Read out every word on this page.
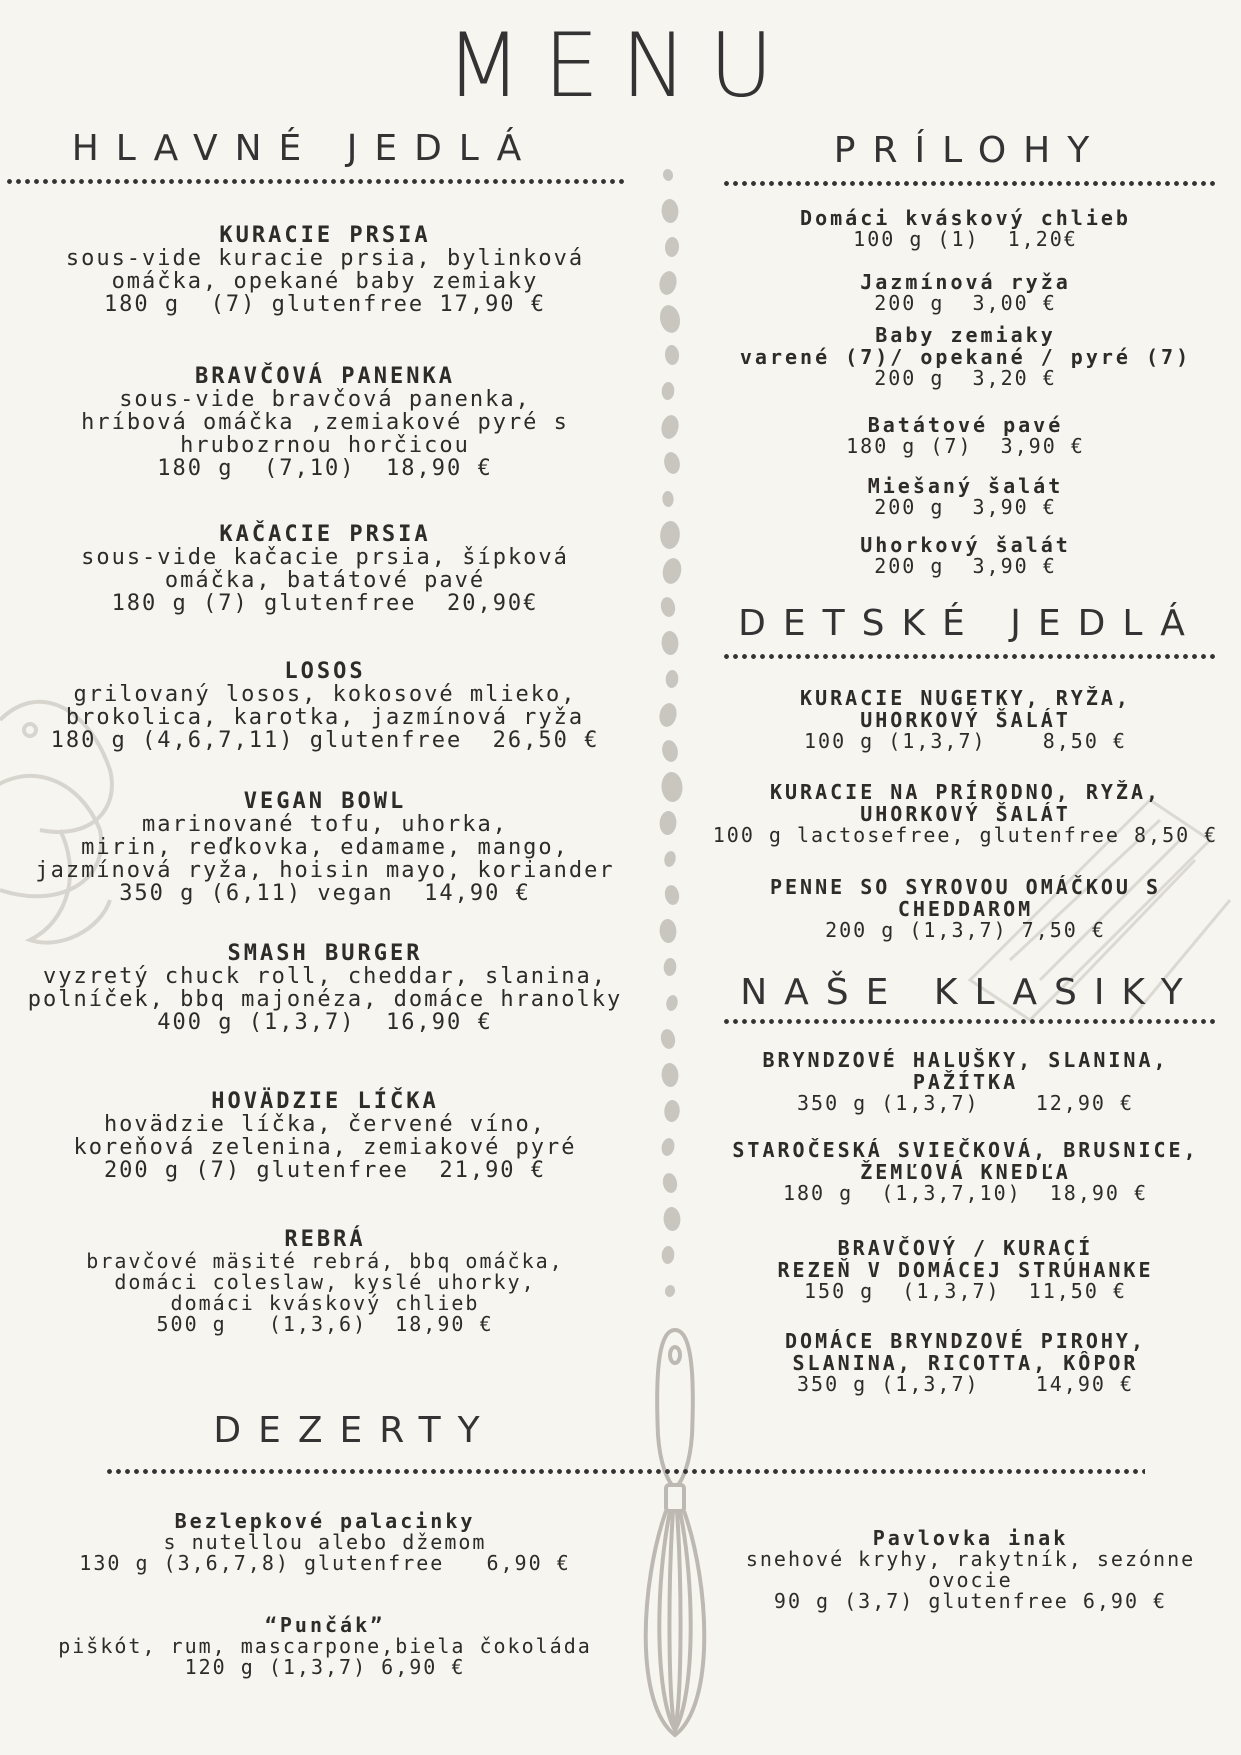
MENU
HLAVNÉ JEDLÁ	PRÍLOHY
DETSKÉ JEDLÁ
NAŠE KLASIKY
DEZERTY
KURACIE PRSIA
sous-vide kuracie prsia, bylinková
omáčka, opekané baby zemiaky
180 g  (7) glutenfree 17,90 €
BRAVČOVÁ PANENKA
sous-vide bravčová panenka,
hríbová omáčka ,zemiakové pyré s
hrubozrnou horčicou
180 g  (7,10)  18,90 €
KAČACIE PRSIA
sous-vide kačacie prsia, šípková
omáčka, batátové pavé
180 g (7) glutenfree  20,90€
LOSOS
grilovaný losos, kokosové mlieko,
brokolica, karotka, jazmínová ryža
180 g (4,6,7,11) glutenfree  26,50 €
VEGAN BOWL
marinované tofu, uhorka,
mirin, reďkovka, edamame, mango,
jazmínová ryža, hoisin mayo, koriander
350 g (6,11) vegan  14,90 €
SMASH BURGER
vyzretý chuck roll, cheddar, slanina,
polníček, bbq majonéza, domáce hranolky
400 g (1,3,7)  16,90 €
HOVÄDZIE LÍČKA
hovädzie líčka, červené víno,
koreňová zelenina, zemiakové pyré
200 g (7) glutenfree  21,90 €
REBRÁ
bravčové mäsité rebrá, bbq omáčka,
domáci coleslaw, kyslé uhorky,
domáci kváskový chlieb
500 g   (1,3,6)  18,90 €
Domáci kváskový chlieb
100 g (1)  1,20€
Jazmínová ryža
200 g  3,00 €
Baby zemiaky
varené (7)/ opekané / pyré (7)
200 g  3,20 €
Batátové pavé
180 g (7)  3,90 €
Miešaný šalát
200 g  3,90 €
Uhorkový šalát
200 g  3,90 €
KURACIE NUGETKY, RYŽA,
UHORKOVÝ ŠALÁT
100 g (1,3,7)    8,50 €
KURACIE NA PRÍRODNO, RYŽA,
UHORKOVÝ ŠALÁT
100 g lactosefree, glutenfree 8,50 €
PENNE SO SYROVOU OMÁČKOU S
CHEDDAROM
200 g (1,3,7) 7,50 €
BRYNDZOVÉ HALUŠKY, SLANINA,
PAŽÍTKA
350 g (1,3,7)    12,90 €
STAROČESKÁ SVIEČKOVÁ, BRUSNICE,
ŽEMĽOVÁ KNEDĽA
180 g  (1,3,7,10)  18,90 €
BRAVČOVÝ / KURACÍ
REZEŇ V DOMÁCEJ STRÚHANKE
150 g  (1,3,7)  11,50 €
DOMÁCE BRYNDZOVÉ PIROHY,
SLANINA, RICOTTA, KÔPOR
350 g (1,3,7)    14,90 €
Bezlepkové palacinky
s nutellou alebo džemom
130 g (3,6,7,8) glutenfree   6,90 €
“Punčák”
piškót, rum, mascarpone,biela čokoláda
120 g (1,3,7) 6,90 €
Pavlovka inak
snehové kryhy, rakytník, sezónne
ovocie
90 g (3,7) glutenfree 6,90 €
